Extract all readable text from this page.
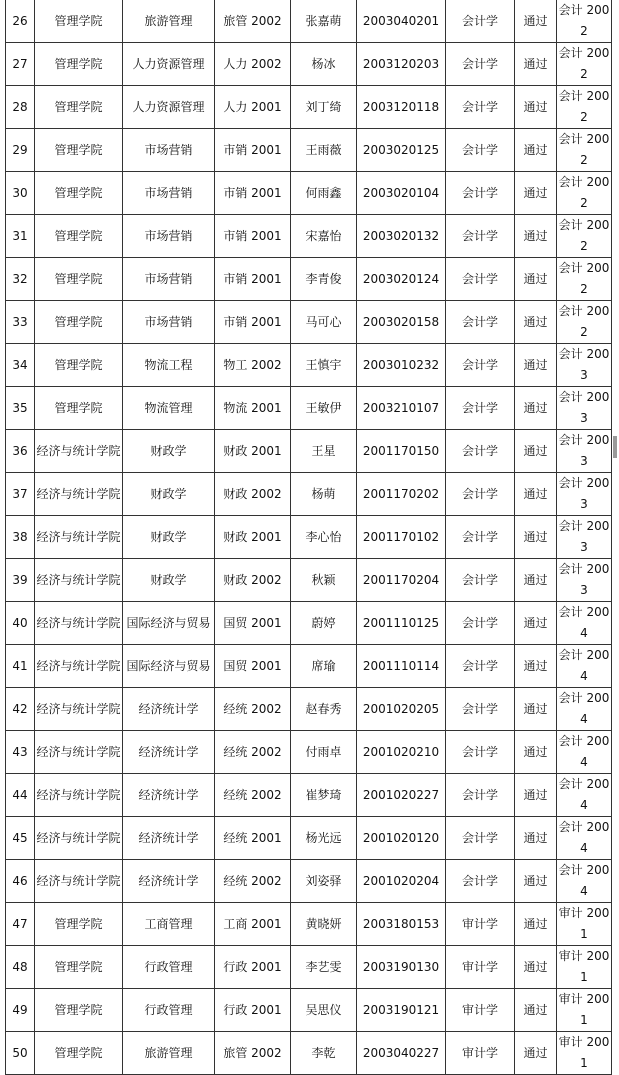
26	管理学院	旅游管理	旅管 2002	张嘉萌	2003040201	会计学	通过	会计 2002
27	管理学院	人力资源管理	人力 2002	杨冰	2003120203	会计学	通过	会计 2002
28	管理学院	人力资源管理	人力 2001	刘丁绮	2003120118	会计学	通过	会计 2002
29	管理学院	市场营销	市销 2001	王雨薇	2003020125	会计学	通过	会计 2002
30	管理学院	市场营销	市销 2001	何雨鑫	2003020104	会计学	通过	会计 2002
31	管理学院	市场营销	市销 2001	宋嘉怡	2003020132	会计学	通过	会计 2002
32	管理学院	市场营销	市销 2001	李青俊	2003020124	会计学	通过	会计 2002
33	管理学院	市场营销	市销 2001	马可心	2003020158	会计学	通过	会计 2002
34	管理学院	物流工程	物工 2002	王慎宇	2003010232	会计学	通过	会计 2003
35	管理学院	物流管理	物流 2001	王敏伊	2003210107	会计学	通过	会计 2003
36	经济与统计学院	财政学	财政 2001	王星	2001170150	会计学	通过	会计 2003
37	经济与统计学院	财政学	财政 2002	杨萌	2001170202	会计学	通过	会计 2003
38	经济与统计学院	财政学	财政 2001	李心怡	2001170102	会计学	通过	会计 2003
39	经济与统计学院	财政学	财政 2002	秋颖	2001170204	会计学	通过	会计 2003
40	经济与统计学院	国际经济与贸易	国贸 2001	蔚婷	2001110125	会计学	通过	会计 2004
41	经济与统计学院	国际经济与贸易	国贸 2001	席瑜	2001110114	会计学	通过	会计 2004
42	经济与统计学院	经济统计学	经统 2002	赵春秀	2001020205	会计学	通过	会计 2004
43	经济与统计学院	经济统计学	经统 2002	付雨卓	2001020210	会计学	通过	会计 2004
44	经济与统计学院	经济统计学	经统 2002	崔梦琦	2001020227	会计学	通过	会计 2004
45	经济与统计学院	经济统计学	经统 2001	杨光远	2001020120	会计学	通过	会计 2004
46	经济与统计学院	经济统计学	经统 2002	刘姿驿	2001020204	会计学	通过	会计 2004
47	管理学院	工商管理	工商 2001	黄晓妍	2003180153	审计学	通过	审计 2001
48	管理学院	行政管理	行政 2001	李艺雯	2003190130	审计学	通过	审计 2001
49	管理学院	行政管理	行政 2001	吴思仪	2003190121	审计学	通过	审计 2001
50	管理学院	旅游管理	旅管 2002	李乾	2003040227	审计学	通过	审计 2001
